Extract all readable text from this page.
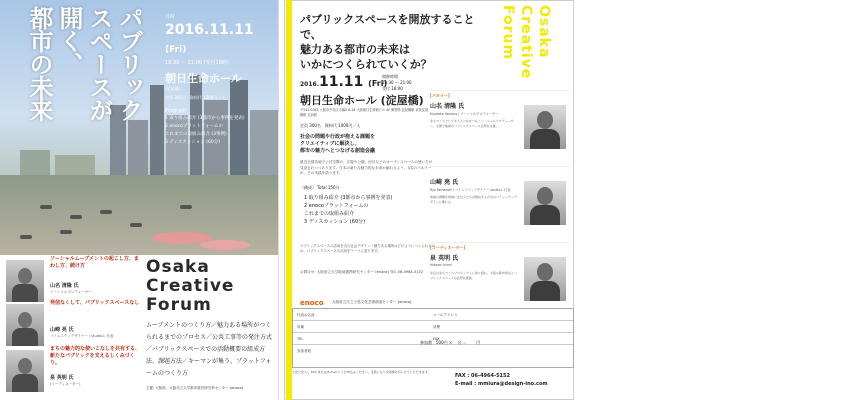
パブリック
スペースが
開く、
都市の未来	日時
2016.11.11 (Fri)
18:30 ～ 21:00 (受付18時)
朝日生命ホール
(淀屋橋)
定員 300名　資料代 1000円／人
Program
1 取り組み紹介 (3都市から事例を発表)
2 enocoプラットフォームの
これまでの取組み紹介 (3事例)
3 ディスカッション (60分)
Osaka
Creative
Forum
ムーブメントのつくり方／魅力ある場所がつくられるまでのプロセス／公共工事等の発注方式／パブリックスペースでの活動概要の組成方法、課題方法／キーマンが集う、プラットフォームのつくり方
主催: 大阪府、大阪市立大学都市経営研究科センター (enoco)
ソーシャルムーブメントの起こし方、まわし方、続け方
山名 清隆 氏
ソーシャルプロデューサー
発信なくして、パブリックスペースなし
山崎 亮 氏
コミュニティデザイナー / studio-L 代表
まちの魅力的な使いこなしを共有する、新たなパブリックを支えるしくみづくり。
泉 英明 氏
(コーディネーター)
パブリックスペースを開放することで、
魅力ある都市の未来は
いかにつくられていくか？
2016.11.11 (Fri)
開催時間
18:30 ～ 21:00
受付 18:00
朝日生命ホール (淀屋橋)
〒541-0042 大阪市中央区今橋2-6-14 大阪朝日生命館ビル 4F 御堂筋 淀屋橋駅 京阪淀屋橋駅 北浜駅
定員 300名　資料代 1000円／人
社会の問題や行政が抱える課題を
クリエイティブに解決し、
都市の魅力へとつなげる創造会議
最近全国各地で公共空間の、広場や公園、河川などのオープンスペースの使い方が見直されつつあります。日本の新たな魅力的な未来が創れるよう、3名のパネラーが、その実践を語ります。
〈構成〉 Total 150分
1 取り組み紹介 (3都市から事例を発表)
2 enocoプラットフォームの
これまでの取組み紹介
3 ディスカッション (60分)
パブリックスペースの活用を含む社会デザイン・魅力ある場所はどのようにつくられるのか、パブリックスペースの活用をテーマに語ります。
お問合せ: 大阪府立大学地域連携研究センター (enoco) TEL 06-4964-5152
enoco 大阪府立江之子島文化芸術創造センター [enoco]
Osaka
Creative
Forum
[パネラー]
山名 清隆 氏
Kiyotaka Yamana / ソーシャルプロデューサー
まちづくりとビジネスと公共をつなぐソーシャルプロデューサー。全国で地域のパブリックスペース活用を支援。
山崎 亮 氏
Ryo Yamazaki / コミュニティデザイナー studio-L 代表
地域の課題を地域に住む人たちが解決するためのコミュニティデザインに携わる。
[コーディネーター]
泉 英明 氏
Hideaki Izumi
水辺のまちづくりプロジェクトに取り組む。大阪の都市再生とパブリックスペースの活用を推進。
代表お名前	メールアドレス
所属	部署
TEL	FAX
参加者数
参加費　500円 × 　名 ＝ 　　円
上記に記入し FAX または E-mail にてお申込みください。定員になり次第締め切らせていただきます。
FAX : 06-4964-5152
E-mail : mmiura@design-ino.com
